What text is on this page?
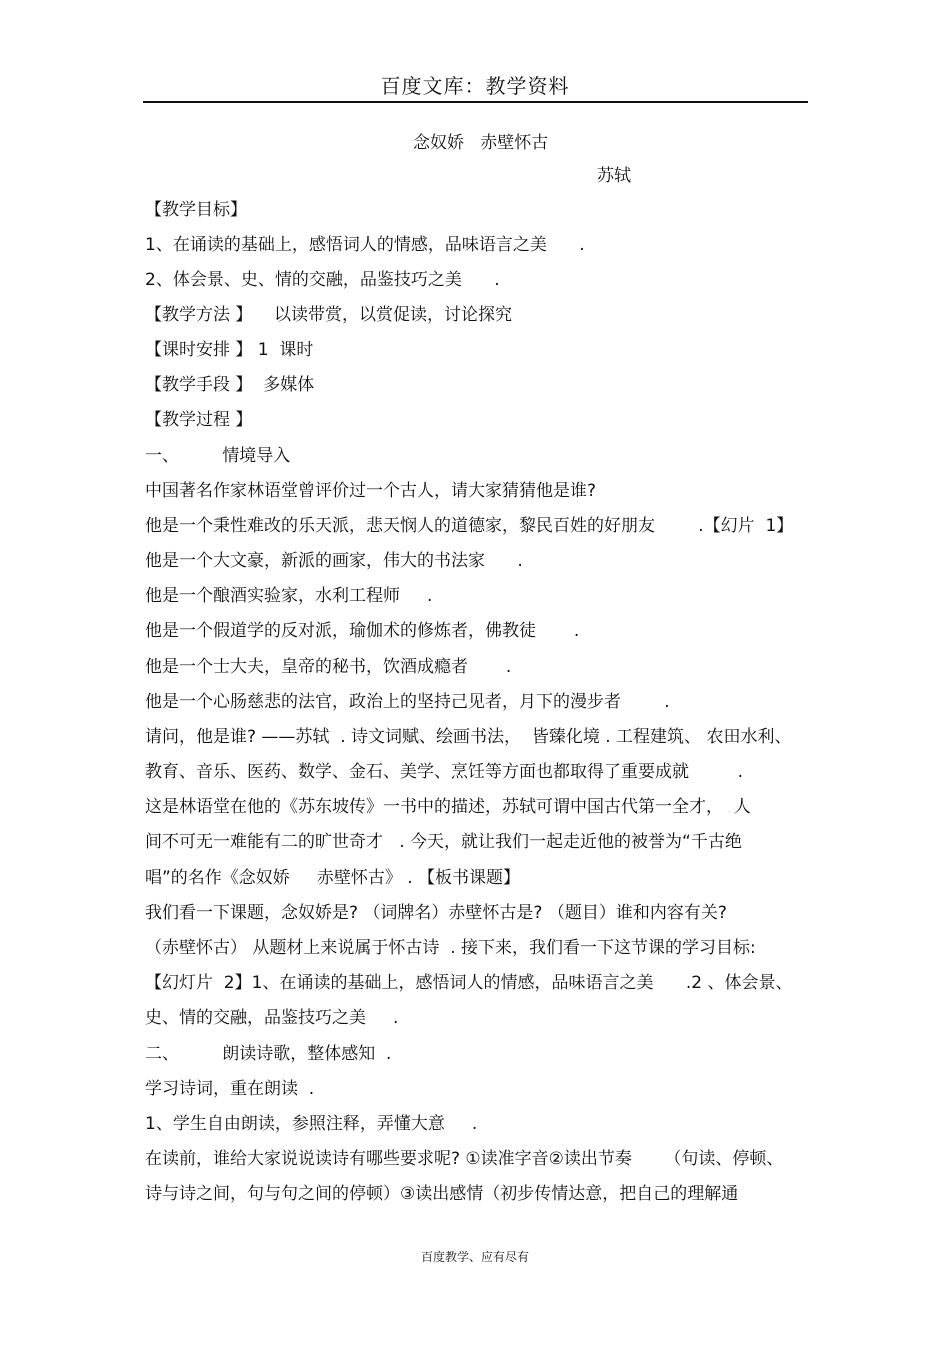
百度文库：教学资料
念奴娇   赤壁怀古
苏轼
【教学目标】
1、在诵读的基础上，感悟词人的情感，品味语言之美      .
2、体会景、史、情的交融，品鉴技巧之美      .
【教学方法 】    以读带赏，以赏促读，讨论探究
【课时安排 】 1  课时
【教学手段 】  多媒体
【教学过程 】
一、        情境导入
中国著名作家林语堂曾评价过一个古人，请大家猜猜他是谁?
他是一个秉性难改的乐天派，悲天悯人的道德家，黎民百姓的好朋友        .【幻片  1】
他是一个大文豪，新派的画家，伟大的书法家      .
他是一个酿酒实验家，水利工程师     .
他是一个假道学的反对派，瑜伽术的修炼者，佛教徒       .
他是一个士大夫，皇帝的秘书，饮酒成瘾者       .
他是一个心肠慈悲的法官，政治上的坚持己见者，月下的漫步者        .
请问，他是谁? ——苏轼  . 诗文词赋、绘画书法，  皆臻化境 . 工程建筑、 农田水利、
教育、音乐、医药、数学、金石、美学、烹饪等方面也都取得了重要成就         .
这是林语堂在他的《苏东坡传》一书中的描述，苏轼可谓中国古代第一全才，  人
间不可无一难能有二的旷世奇才   . 今天，就让我们一起走近他的被誉为“千古绝
唱”的名作《念奴娇     赤壁怀古》 . 【板书课题】
我们看一下课题，念奴娇是? （词牌名）赤壁怀古是? （题目）谁和内容有关?
（赤壁怀古） 从题材上来说属于怀古诗  . 接下来，我们看一下这节课的学习目标:
【幻灯片  2】1、在诵读的基础上，感悟词人的情感，品味语言之美      .2 、体会景、
史、情的交融，品鉴技巧之美     .
二、        朗读诗歌，整体感知  .
学习诗词，重在朗读  .
1、学生自由朗读，参照注释，弄懂大意     .
在读前，谁给大家说说读诗有哪些要求呢? ①读准字音②读出节奏      （句读、停顿、
诗与诗之间，句与句之间的停顿）③读出感情（初步传情达意，把自己的理解通
百度教学、应有尽有
